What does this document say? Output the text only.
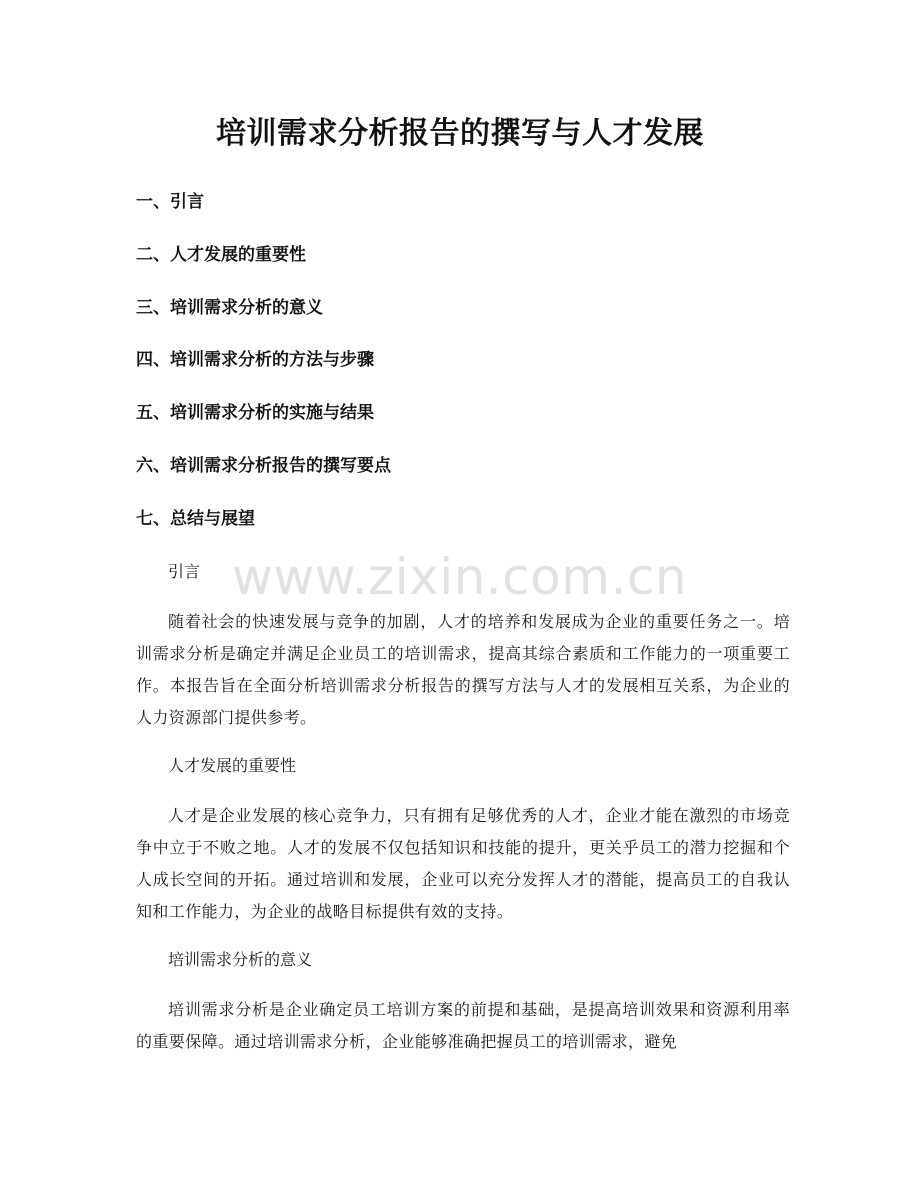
培训需求分析报告的撰写与人才发展
一、引言
二、人才发展的重要性
三、培训需求分析的意义
四、培训需求分析的方法与步骤
五、培训需求分析的实施与结果
六、培训需求分析报告的撰写要点
七、总结与展望

引言

随着社会的快速发展与竞争的加剧，人才的培养和发展成为企业的重要任务之一。培训需求分析是确定并满足企业员工的培训需求，提高其综合素质和工作能力的一项重要工作。本报告旨在全面分析培训需求分析报告的撰写方法与人才的发展相互关系，为企业的人力资源部门提供参考。

人才发展的重要性

人才是企业发展的核心竞争力，只有拥有足够优秀的人才，企业才能在激烈的市场竞争中立于不败之地。人才的发展不仅包括知识和技能的提升，更关乎员工的潜力挖掘和个人成长空间的开拓。通过培训和发展，企业可以充分发挥人才的潜能，提高员工的自我认知和工作能力，为企业的战略目标提供有效的支持。

培训需求分析的意义

培训需求分析是企业确定员工培训方案的前提和基础，是提高培训效果和资源利用率的重要保障。通过培训需求分析，企业能够准确把握员工的培训需求，避免

www.zixin.com.cn
